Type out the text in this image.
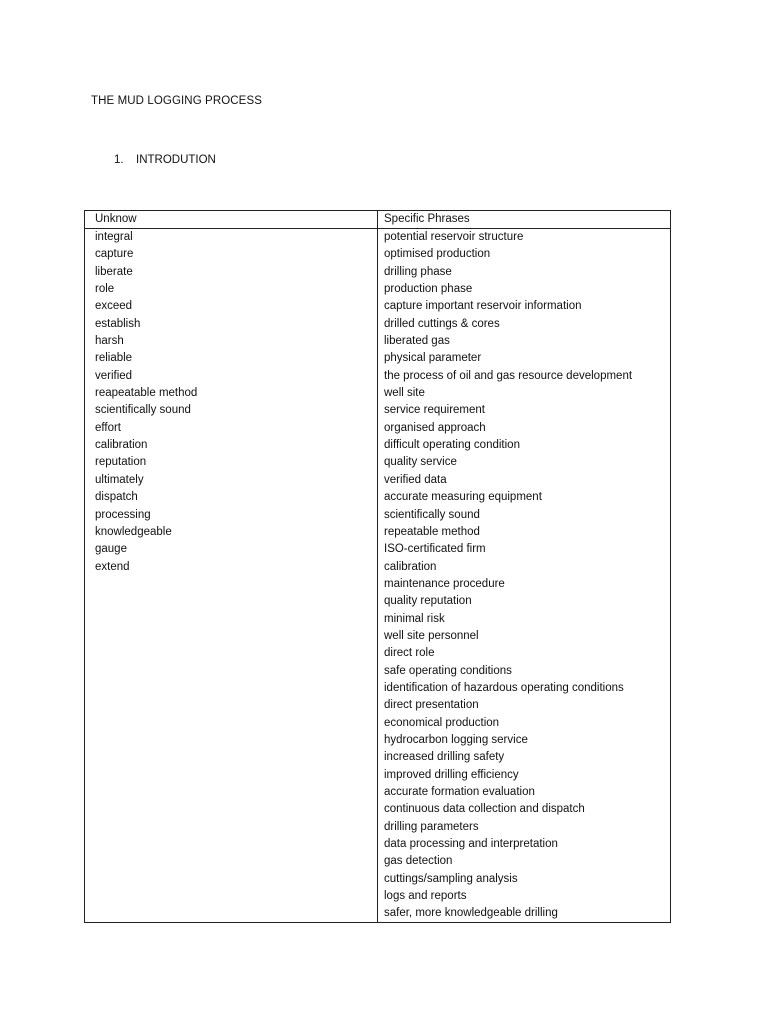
THE MUD LOGGING PROCESS
1. INTRODUTION
Unknow	Specific Phrases
integral
capture
liberate
role
exceed
establish
harsh
reliable
verified
reapeatable method
scientifically sound
effort
calibration
reputation
ultimately
dispatch
processing
knowledgeable
gauge
extend
potential reservoir structure
optimised production
drilling phase
production phase
capture important reservoir information
drilled cuttings & cores
liberated gas
physical parameter
the process of oil and gas resource development
well site
service requirement
organised approach
difficult operating condition
quality service
verified data
accurate measuring equipment
scientifically sound
repeatable method
ISO-certificated firm
calibration
maintenance procedure
quality reputation
minimal risk
well site personnel
direct role
safe operating conditions
identification of hazardous operating conditions
direct presentation
economical production
hydrocarbon logging service
increased drilling safety
improved drilling efficiency
accurate formation evaluation
continuous data collection and dispatch
drilling parameters
data processing and interpretation
gas detection
cuttings/sampling analysis
logs and reports
safer, more knowledgeable drilling
